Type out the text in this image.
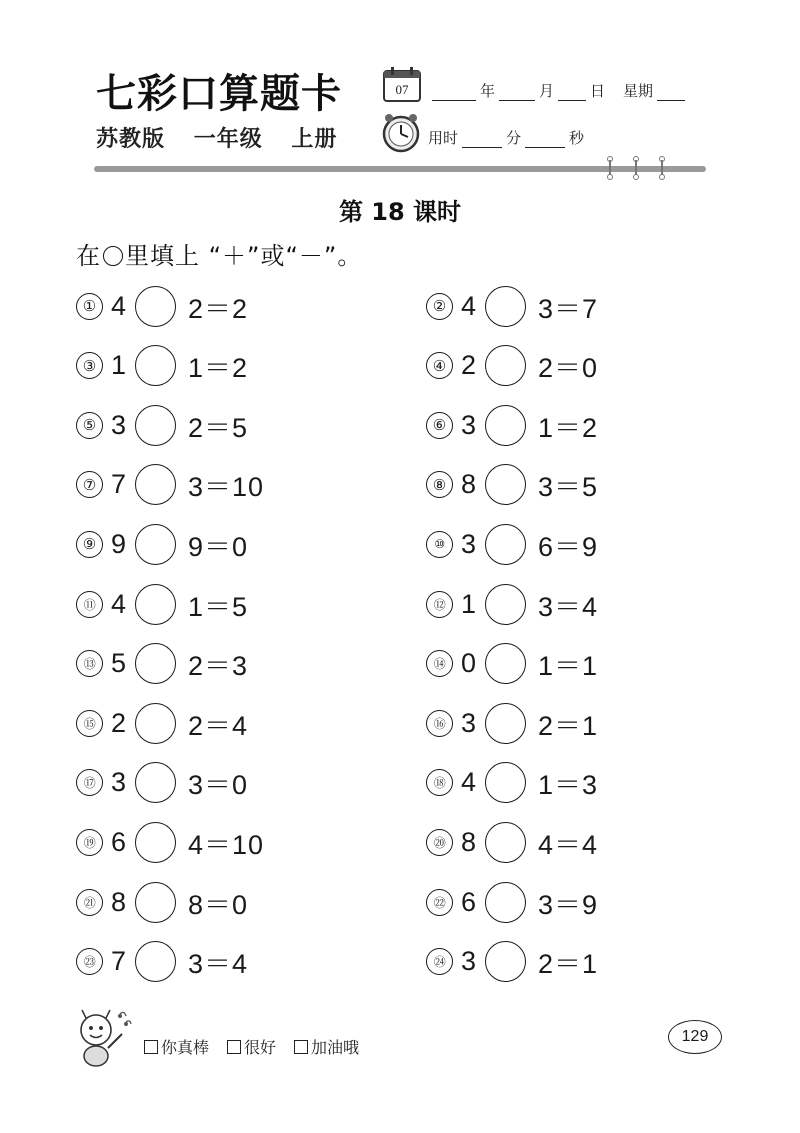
七彩口算题卡
苏教版 一年级 上册
07	年	月 日 星期
用时	分	秒
第 18 课时
在 里填上 “＋”或“－”。
① 4 2＝2	② 4 3＝7
③ 1 1＝2	④ 2 2＝0
⑤ 3 2＝5	⑥ 3 1＝2
⑦ 7 3＝10	⑧ 8 3＝5
⑨ 9 9＝0	⑩ 3 6＝9
⑪ 4 1＝5	⑫ 1 3＝4
⑬ 5 2＝3	⑭ 0 1＝1
⑮ 2 2＝4	⑯ 3 2＝1
⑰ 3 3＝0	⑱ 4 1＝3
⑲ 6 4＝10	⑳ 8 4＝4
㉑ 8 8＝0	㉒ 6 3＝9
㉓ 7 3＝4	㉔ 3 2＝1
你真棒 很好 加油哦
129
